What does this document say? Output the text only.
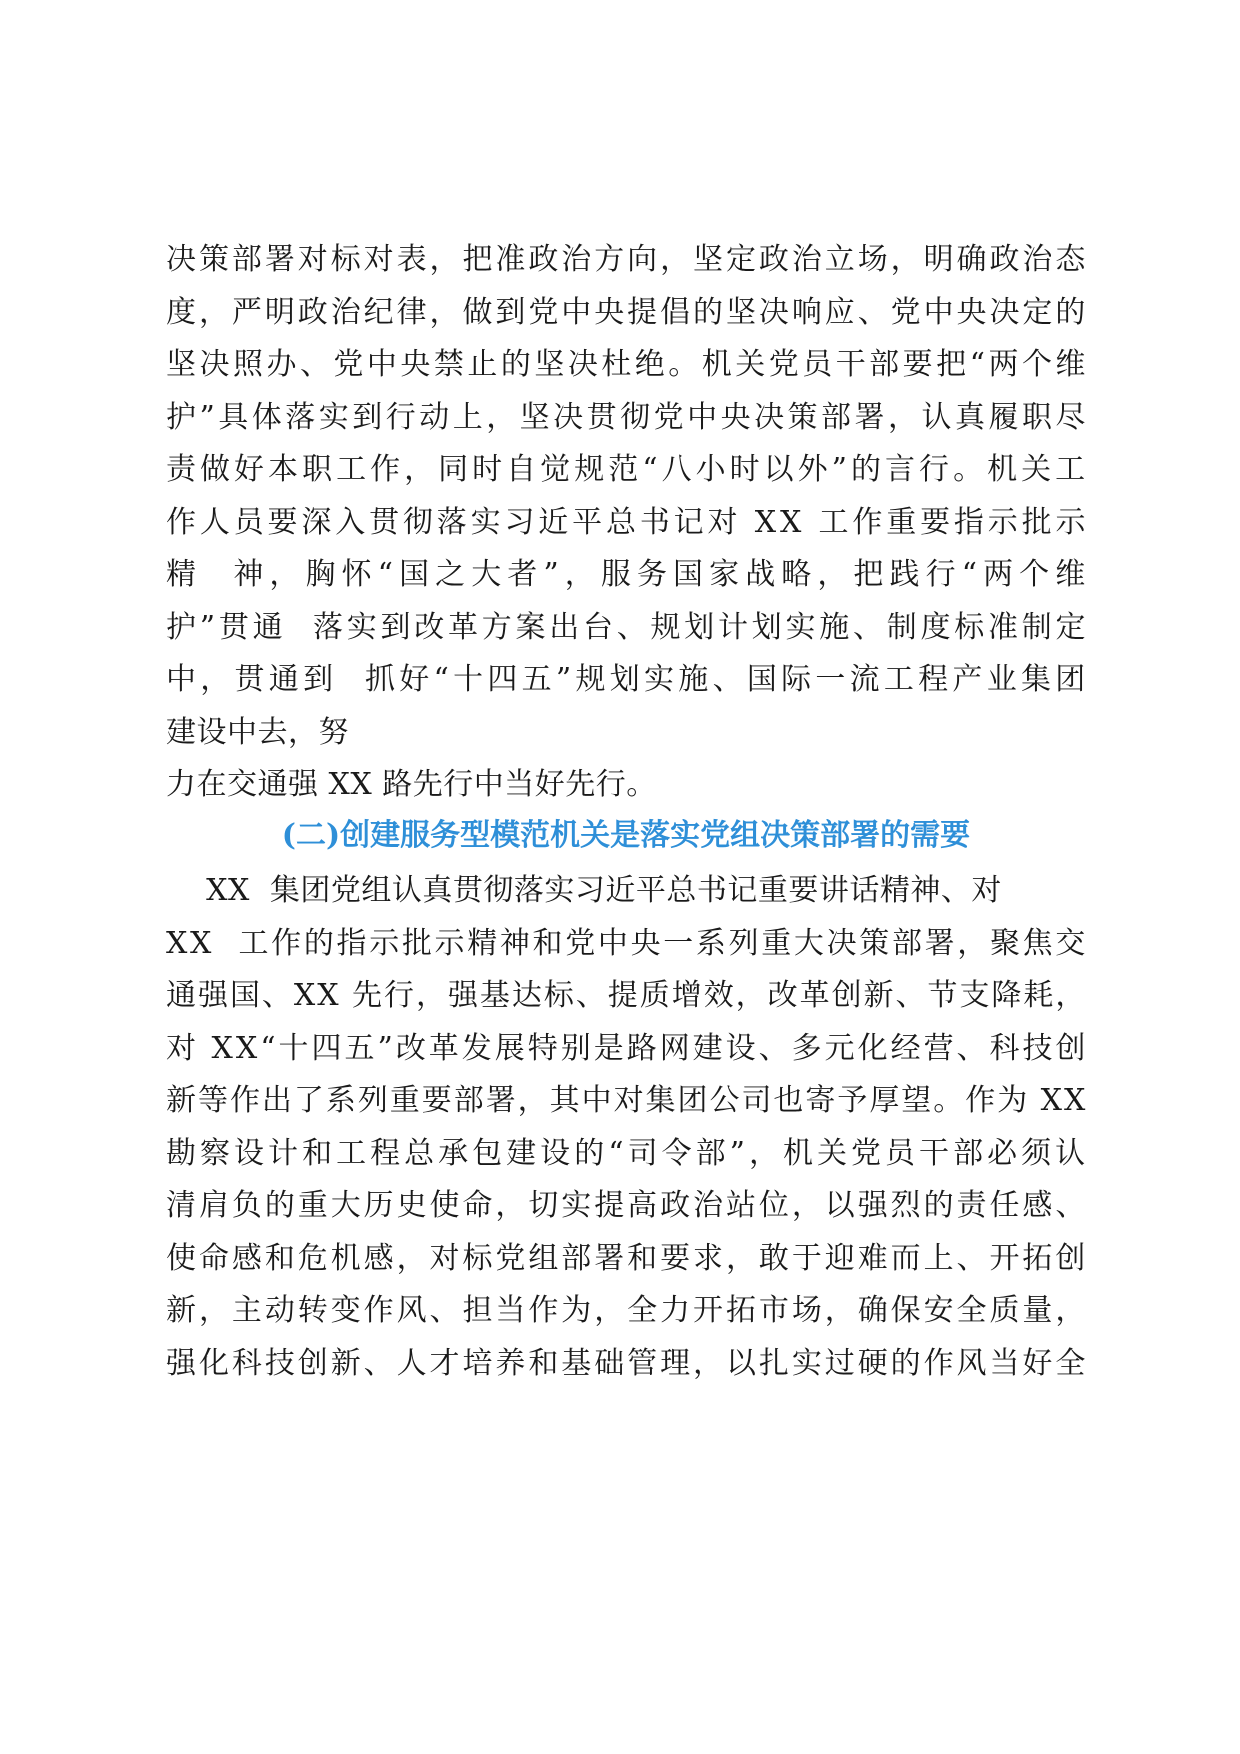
决 策 部 署 对 标 对 表 ， 把 准 政 治 方 向 ， 坚 定 政 治 立 场 ， 明 确 政 治 态
度 ， 严 明 政 治 纪 律 ， 做 到 党 中 央 提 倡 的 坚 决 响 应 、 党 中 央 决 定 的
坚 决 照 办 、 党 中 央 禁 止 的 坚 决 杜 绝 。 机 关 党 员 干 部 要 把 “ 两 个 维
护 ” 具 体 落 实 到 行 动 上 ， 坚 决 贯 彻 党 中 央 决 策 部 署 ， 认 真 履 职 尽
责 做 好 本 职 工 作 ， 同 时 自 觉 规 范 “ 八 小 时 以 外 ” 的 言 行 。 机 关 工
作 人 员 要 深 入 贯 彻 落 实 习 近 平 总 书 记 对
X X
工 作 重 要 指 示 批 示
精

神 ， 胸 怀 “ 国 之 大 者 ” ， 服 务 国 家 战 略 ， 把 践 行 “ 两 个 维
护 ” 贯 通

落 实 到 改 革 方 案 出 台 、 规 划 计 划 实 施 、 制 度 标 准 制 定
中 ， 贯 通 到

抓 好 “ 十 四 五 ” 规 划 实 施 、 国 际 一 流 工 程 产 业 集 团
建设中去，努
力在交通强 XX 路先行中当好先行。
(二)创建服务型模范机关是落实党组决策部署的需要
XX  集团党组认真贯彻落实习近平总书记重要讲话精神、对
X X

工 作 的 指 示 批 示 精 神 和 党 中 央 一 系 列 重 大 决 策 部 署 ， 聚 焦 交
通 强 国 、 X X
先 行 ， 强 基 达 标 、 提 质 增 效 ， 改 革 创 新 、 节 支 降 耗 ，
对
X X “ 十 四 五 ” 改 革 发 展 特 别 是 路 网 建 设 、 多 元 化 经 营 、 科 技 创
新 等 作 出 了 系 列 重 要 部 署 ， 其 中 对 集 团 公 司 也 寄 予 厚 望 。 作 为
X X
勘 察 设 计 和 工 程 总 承 包 建 设 的 “ 司 令 部 ” ， 机 关 党 员 干 部 必 须 认
清 肩 负 的 重 大 历 史 使 命 ， 切 实 提 高 政 治 站 位 ， 以 强 烈 的 责 任 感 、
使 命 感 和 危 机 感 ， 对 标 党 组 部 署 和 要 求 ， 敢 于 迎 难 而 上 、 开 拓 创
新 ， 主 动 转 变 作 风 、 担 当 作 为 ， 全 力 开 拓 市 场 ， 确 保 安 全 质 量 ，
强 化 科 技 创 新 、 人 才 培 养 和 基 础 管 理 ， 以 扎 实 过 硬 的 作 风 当 好 全
